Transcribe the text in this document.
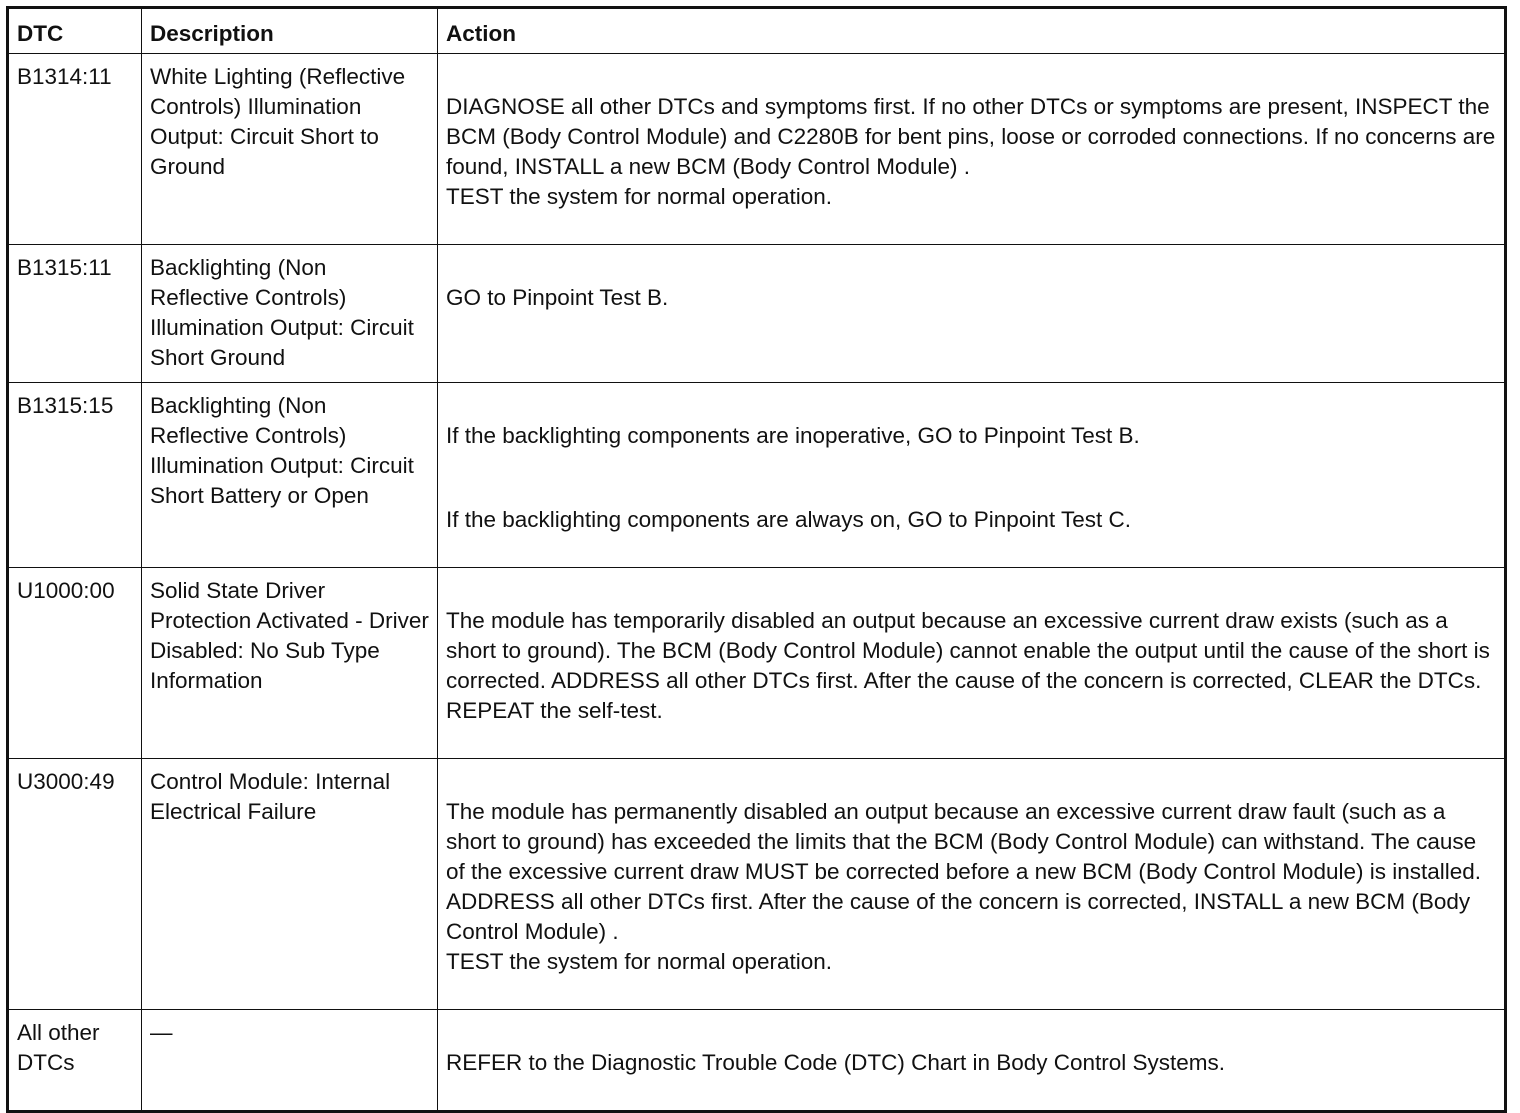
DTC	Description	Action
B1314:11	White Lighting (Reflective Controls) Illumination Output: Circuit Short to Ground	DIAGNOSE all other DTCs and symptoms first. If no other DTCs or symptoms are present, INSPECT the BCM (Body Control Module) and C2280B for bent pins, loose or corroded connections. If no concerns are found, INSTALL a new BCM (Body Control Module) .
TEST the system for normal operation.

B1315:11	Backlighting (Non Reflective Controls) Illumination Output: Circuit Short Ground	GO to Pinpoint Test B.

B1315:15	Backlighting (Non Reflective Controls) Illumination Output: Circuit Short Battery or Open	If the backlighting components are inoperative, GO to Pinpoint Test B.

If the backlighting components are always on, GO to Pinpoint Test C.

U1000:00	Solid State Driver Protection Activated - Driver Disabled: No Sub Type Information	The module has temporarily disabled an output because an excessive current draw exists (such as a short to ground). The BCM (Body Control Module) cannot enable the output until the cause of the short is corrected. ADDRESS all other DTCs first. After the cause of the concern is corrected, CLEAR the DTCs. REPEAT the self-test.

U3000:49	Control Module: Internal Electrical Failure	The module has permanently disabled an output because an excessive current draw fault (such as a short to ground) has exceeded the limits that the BCM (Body Control Module) can withstand. The cause of the excessive current draw MUST be corrected before a new BCM (Body Control Module) is installed. ADDRESS all other DTCs first. After the cause of the concern is corrected, INSTALL a new BCM (Body Control Module) .
TEST the system for normal operation.

All other DTCs	—	REFER to the Diagnostic Trouble Code (DTC) Chart in Body Control Systems.
